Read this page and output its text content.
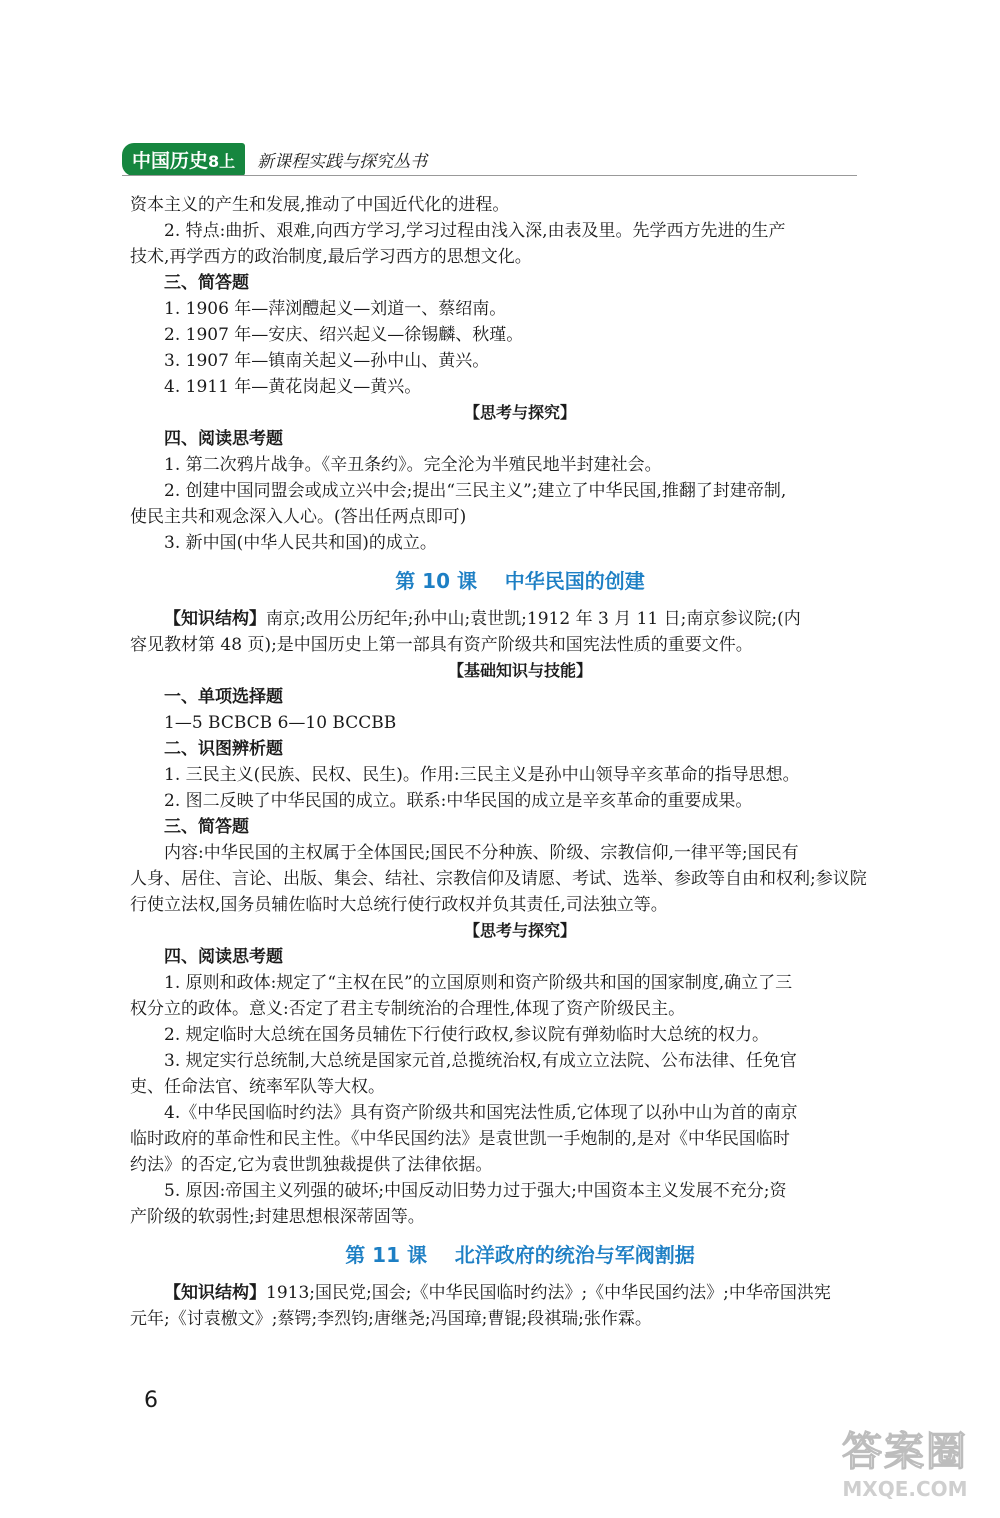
中国历史8上	新课程实践与探究丛书
资本主义的产生和发展,推动了中国近代化的进程。
2. 特点:曲折、艰难,向西方学习,学习过程由浅入深,由表及里。先学西方先进的生产
技术,再学西方的政治制度,最后学习西方的思想文化。
三、简答题
1. 1906 年—萍浏醴起义—刘道一、蔡绍南。
2. 1907 年—安庆、绍兴起义—徐锡麟、秋瑾。
3. 1907 年—镇南关起义—孙中山、黄兴。
4. 1911 年—黄花岗起义—黄兴。
【思考与探究】
四、阅读思考题
1. 第二次鸦片战争。《辛丑条约》。完全沦为半殖民地半封建社会。
2. 创建中国同盟会或成立兴中会;提出“三民主义”;建立了中华民国,推翻了封建帝制,
使民主共和观念深入人心。(答出任两点即可)
3. 新中国(中华人民共和国)的成立。
第 10 课    中华民国的创建
【知识结构】南京;改用公历纪年;孙中山;袁世凯;1912 年 3 月 11 日;南京参议院;(内
容见教材第 48 页);是中国历史上第一部具有资产阶级共和国宪法性质的重要文件。
【基础知识与技能】
一、单项选择题
1—5 BCBCB 6—10 BCCBB
二、识图辨析题
1. 三民主义(民族、民权、民生)。作用:三民主义是孙中山领导辛亥革命的指导思想。
2. 图二反映了中华民国的成立。联系:中华民国的成立是辛亥革命的重要成果。
三、简答题
内容:中华民国的主权属于全体国民;国民不分种族、阶级、宗教信仰,一律平等;国民有
人身、居住、言论、出版、集会、结社、宗教信仰及请愿、考试、选举、参政等自由和权利;参议院
行使立法权,国务员辅佐临时大总统行使行政权并负其责任,司法独立等。
【思考与探究】
四、阅读思考题
1. 原则和政体:规定了“主权在民”的立国原则和资产阶级共和国的国家制度,确立了三
权分立的政体。意义:否定了君主专制统治的合理性,体现了资产阶级民主。
2. 规定临时大总统在国务员辅佐下行使行政权,参议院有弹劾临时大总统的权力。
3. 规定实行总统制,大总统是国家元首,总揽统治权,有成立立法院、公布法律、任免官
吏、任命法官、统率军队等大权。
4.《中华民国临时约法》具有资产阶级共和国宪法性质,它体现了以孙中山为首的南京
临时政府的革命性和民主性。《中华民国约法》是袁世凯一手炮制的,是对《中华民国临时
约法》的否定,它为袁世凯独裁提供了法律依据。
5. 原因:帝国主义列强的破坏;中国反动旧势力过于强大;中国资本主义发展不充分;资
产阶级的软弱性;封建思想根深蒂固等。
第 11 课    北洋政府的统治与军阀割据
【知识结构】1913;国民党;国会;《中华民国临时约法》;《中华民国约法》;中华帝国洪宪
元年;《讨袁檄文》;蔡锷;李烈钧;唐继尧;冯国璋;曹锟;段祺瑞;张作霖。
6
答案圈
MXQE.COM
